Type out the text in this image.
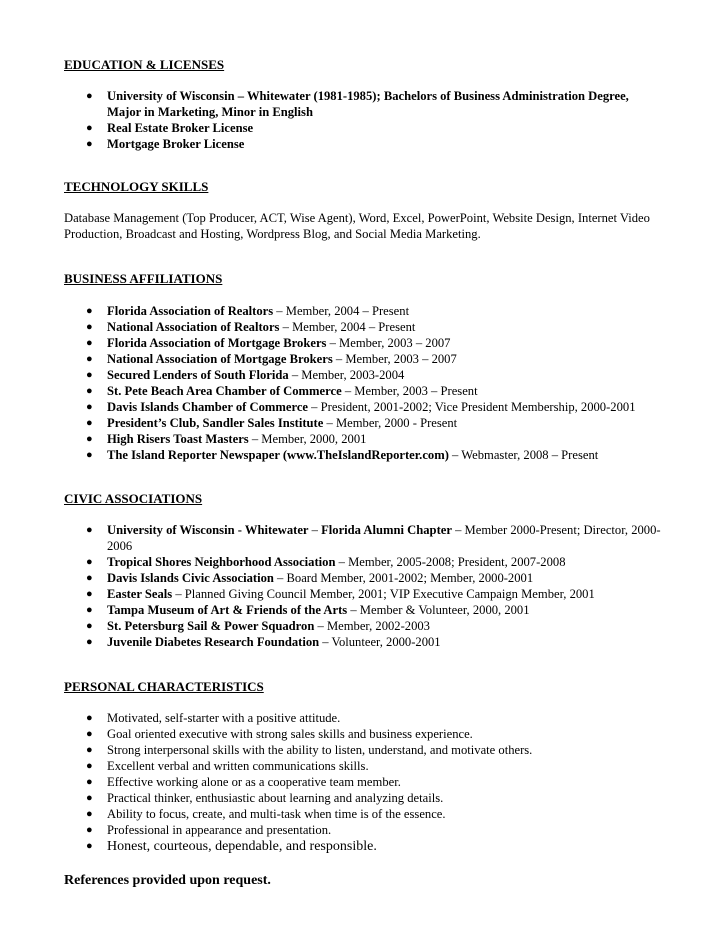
EDUCATION & LICENSES
● University of Wisconsin – Whitewater (1981-1985); Bachelors of Business Administration Degree, Major in Marketing, Minor in English
● Real Estate Broker License
● Mortgage Broker License
TECHNOLOGY SKILLS
Database Management (Top Producer, ACT, Wise Agent), Word, Excel, PowerPoint, Website Design, Internet Video Production, Broadcast and Hosting, Wordpress Blog, and Social Media Marketing.
BUSINESS AFFILIATIONS
● Florida Association of Realtors – Member, 2004 – Present
● National Association of Realtors – Member, 2004 – Present
● Florida Association of Mortgage Brokers – Member, 2003 – 2007
● National Association of Mortgage Brokers – Member, 2003 – 2007
● Secured Lenders of South Florida – Member, 2003-2004
● St. Pete Beach Area Chamber of Commerce – Member, 2003 – Present
● Davis Islands Chamber of Commerce – President, 2001-2002; Vice President Membership, 2000-2001
● President’s Club, Sandler Sales Institute – Member, 2000 - Present
● High Risers Toast Masters – Member, 2000, 2001
● The Island Reporter Newspaper (www.TheIslandReporter.com) – Webmaster, 2008 – Present
CIVIC ASSOCIATIONS
● University of Wisconsin - Whitewater – Florida Alumni Chapter – Member 2000-Present; Director, 2000-2006
● Tropical Shores Neighborhood Association – Member, 2005-2008; President, 2007-2008
● Davis Islands Civic Association – Board Member, 2001-2002; Member, 2000-2001
● Easter Seals – Planned Giving Council Member, 2001; VIP Executive Campaign Member, 2001
● Tampa Museum of Art & Friends of the Arts – Member & Volunteer, 2000, 2001
● St. Petersburg Sail & Power Squadron – Member, 2002-2003
● Juvenile Diabetes Research Foundation – Volunteer, 2000-2001
PERSONAL CHARACTERISTICS
● Motivated, self-starter with a positive attitude.
● Goal oriented executive with strong sales skills and business experience.
● Strong interpersonal skills with the ability to listen, understand, and motivate others.
● Excellent verbal and written communications skills.
● Effective working alone or as a cooperative team member.
● Practical thinker, enthusiastic about learning and analyzing details.
● Ability to focus, create, and multi-task when time is of the essence.
● Professional in appearance and presentation.
● Honest, courteous, dependable, and responsible.
References provided upon request.
